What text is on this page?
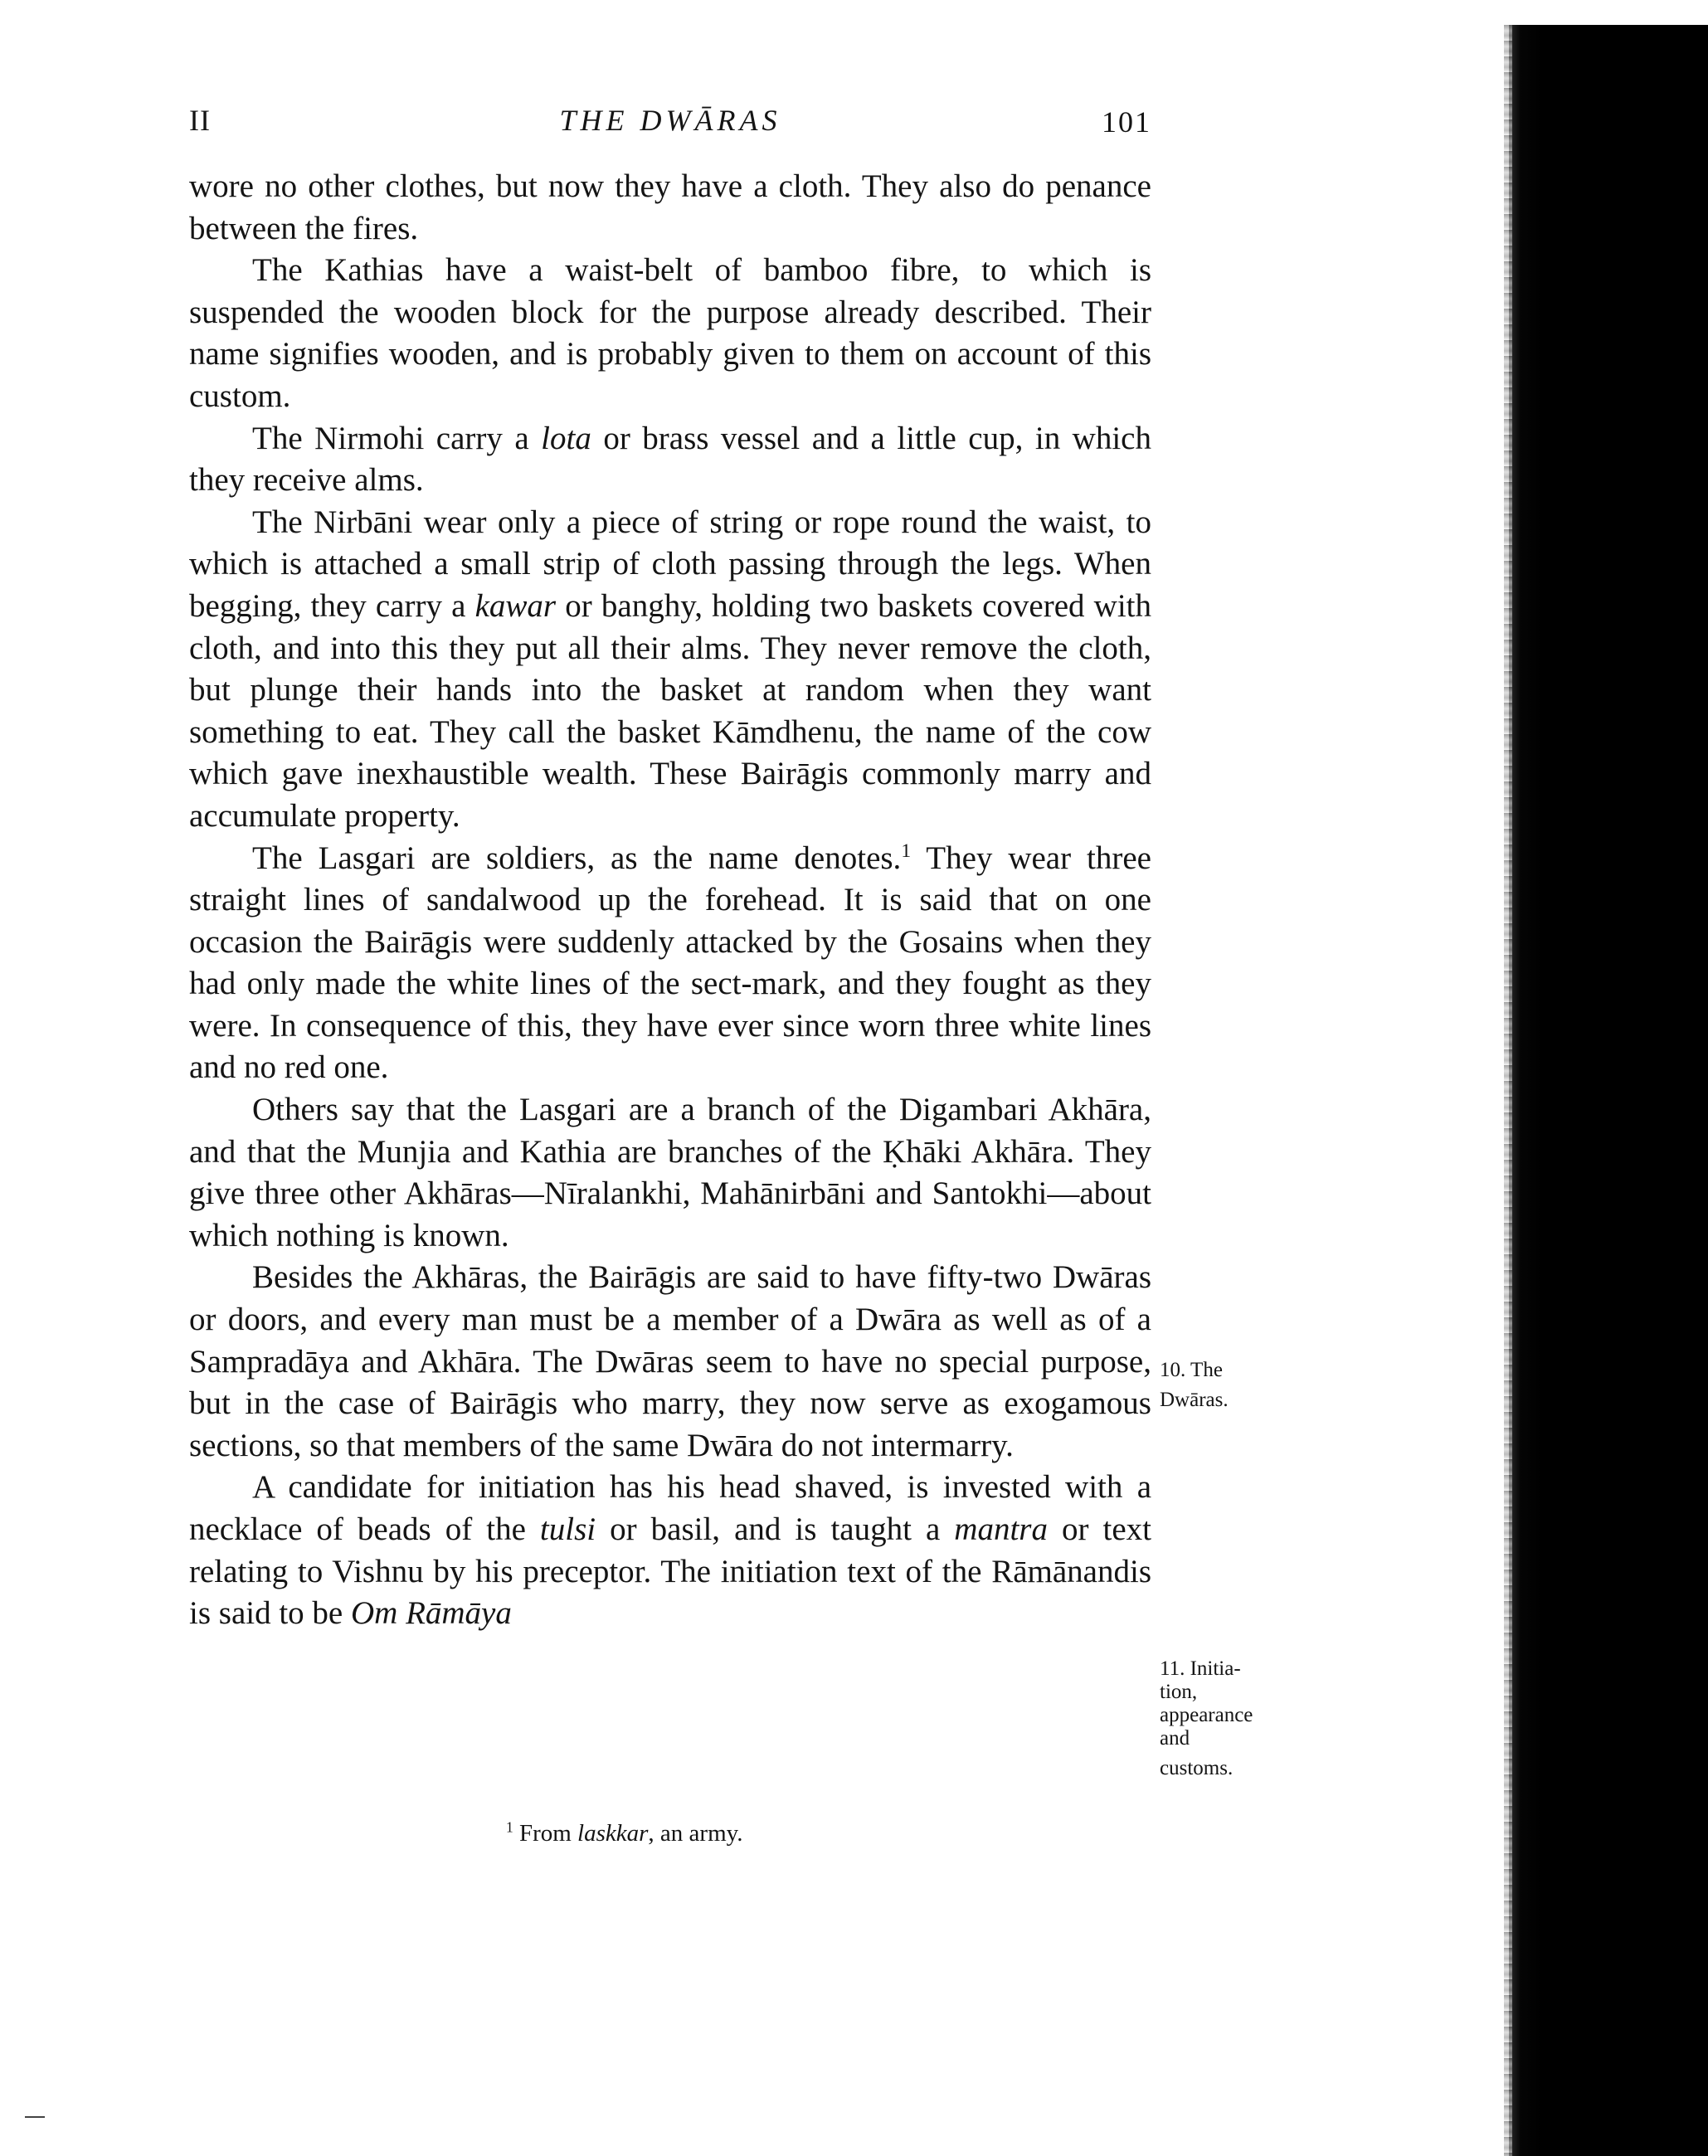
II	THE DWĀRAS	101

wore no other clothes, but now they have a cloth. They also do penance between the fires.

The Kathias have a waist-belt of bamboo fibre, to which is suspended the wooden block for the purpose already described. Their name signifies wooden, and is probably given to them on account of this custom.

The Nirmohi carry a lota or brass vessel and a little cup, in which they receive alms.

The Nirbāni wear only a piece of string or rope round the waist, to which is attached a small strip of cloth passing through the legs. When begging, they carry a kawar or banghy, holding two baskets covered with cloth, and into this they put all their alms. They never remove the cloth, but plunge their hands into the basket at random when they want something to eat. They call the basket Kāmdhenu, the name of the cow which gave inexhaustible wealth. These Bairāgis commonly marry and accumulate property.

The Lasgari are soldiers, as the name denotes.$^1$ They wear three straight lines of sandalwood up the forehead. It is said that on one occasion the Bairāgis were suddenly attacked by the Gosains when they had only made the white lines of the sect-mark, and they fought as they were. In consequence of this, they have ever since worn three white lines and no red one.

Others say that the Lasgari are a branch of the Digambari Akhāra, and that the Munjia and Kathia are branches of the Ḳhāki Akhāra. They give three other Akhāras—Nīralankhi, Mahānirbāni and Santokhi—about which nothing is known.

Besides the Akhāras, the Bairāgis are said to have fifty-two Dwāras or doors, and every man must be a member of a Dwāra as well as of a Sampradāya and Akhāra. The Dwāras seem to have no special purpose, but in the case of Bairāgis who marry, they now serve as exogamous sections, so that members of the same Dwāra do not intermarry.

A candidate for initiation has his head shaved, is invested with a necklace of beads of the tulsi or basil, and is taught a mantra or text relating to Vishnu by his preceptor. The initiation text of the Rāmānandis is said to be Om Rāmāya

10. The
Dwāras.
11. Initia-
tion,
appearance
and
customs.
$^1$ From laskkar, an army.
